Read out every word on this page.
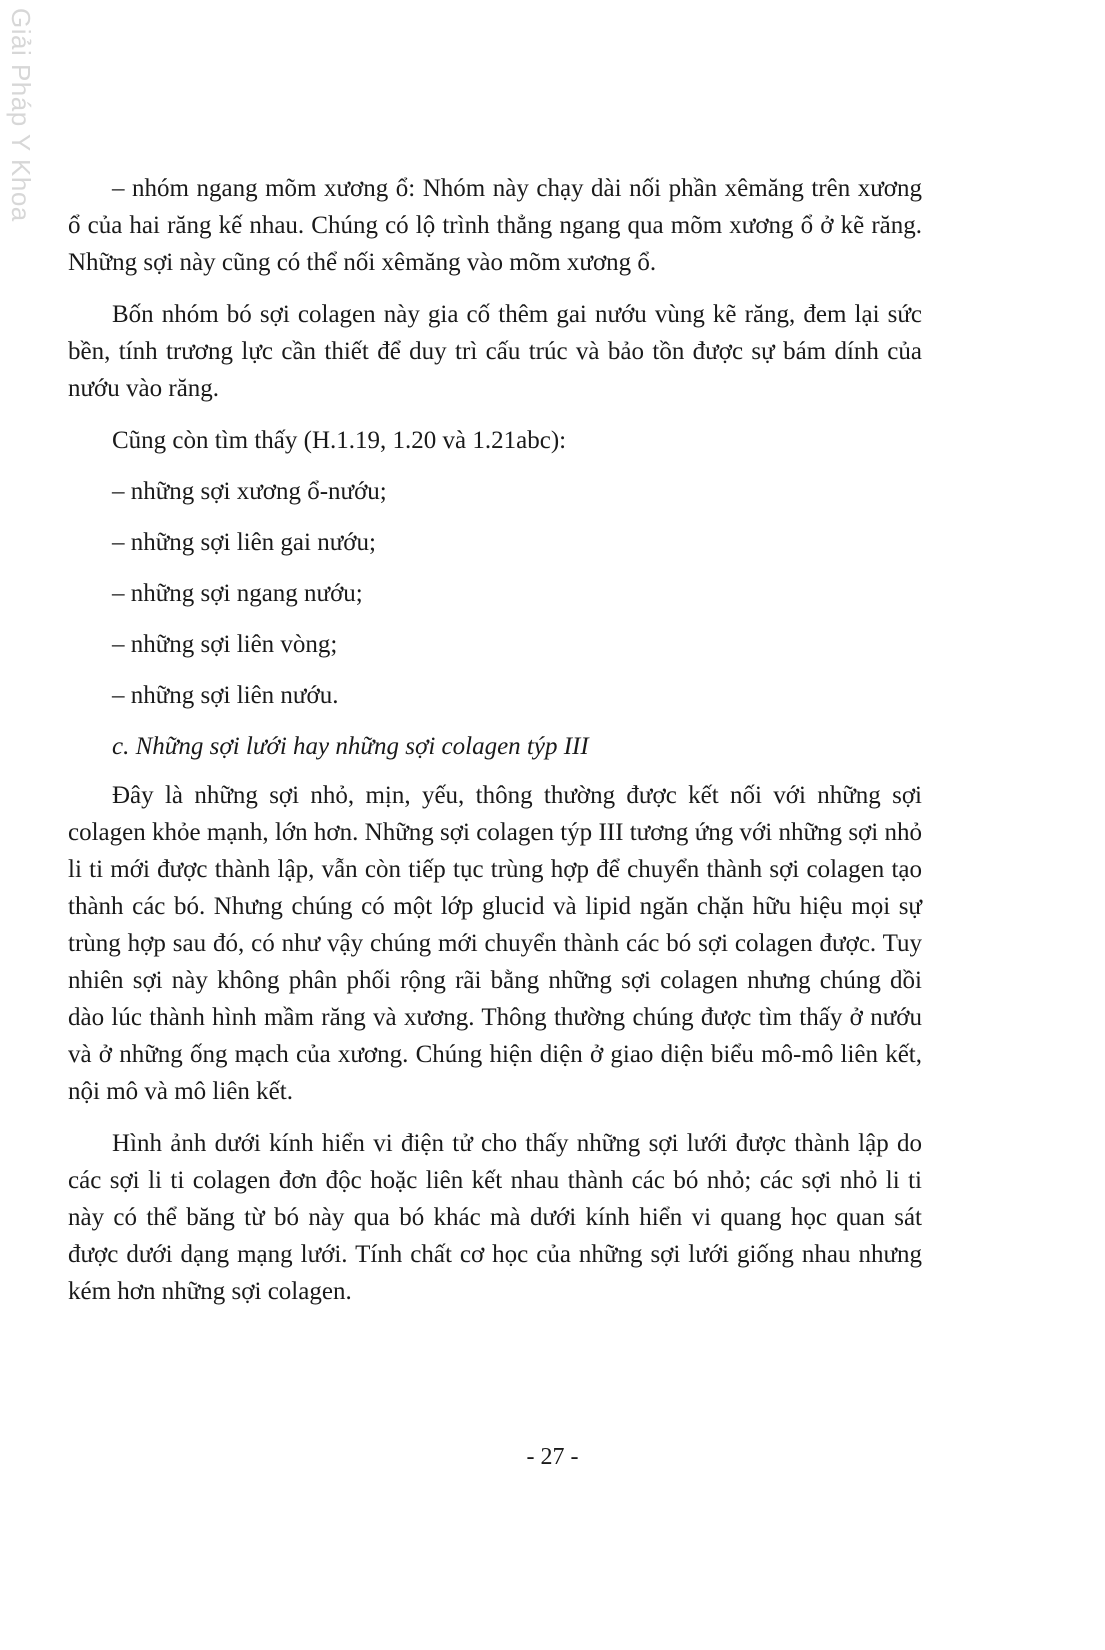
Giải Pháp Y Khoa	– nhóm ngang mõm xương ổ: Nhóm này chạy dài nối phần xêmăng trên xương ổ của hai răng kế nhau. Chúng có lộ trình thẳng ngang qua mõm xương ổ ở kẽ răng. Những sợi này cũng có thể nối xêmăng vào mõm xương ổ.

Bốn nhóm bó sợi colagen này gia cố thêm gai nướu vùng kẽ răng, đem lại sức bền, tính trương lực cần thiết để duy trì cấu trúc và bảo tồn được sự bám dính của nướu vào răng.

Cũng còn tìm thấy (H.1.19, 1.20 và 1.21abc):

– những sợi xương ổ-nướu;

– những sợi liên gai nướu;

– những sợi ngang nướu;

– những sợi liên vòng;

– những sợi liên nướu.

c. Những sợi lưới hay những sợi colagen týp III

Đây là những sợi nhỏ, mịn, yếu, thông thường được kết nối với những sợi colagen khỏe mạnh, lớn hơn. Những sợi colagen týp III tương ứng với những sợi nhỏ li ti mới được thành lập, vẫn còn tiếp tục trùng hợp để chuyển thành sợi colagen tạo thành các bó. Nhưng chúng có một lớp glucid và lipid ngăn chặn hữu hiệu mọi sự trùng hợp sau đó, có như vậy chúng mới chuyển thành các bó sợi colagen được. Tuy nhiên sợi này không phân phối rộng rãi bằng những sợi colagen nhưng chúng dồi dào lúc thành hình mầm răng và xương. Thông thường chúng được tìm thấy ở nướu và ở những ống mạch của xương. Chúng hiện diện ở giao diện biểu mô-mô liên kết, nội mô và mô liên kết.

Hình ảnh dưới kính hiển vi điện tử cho thấy những sợi lưới được thành lập do các sợi li ti colagen đơn độc hoặc liên kết nhau thành các bó nhỏ; các sợi nhỏ li ti này có thể băng từ bó này qua bó khác mà dưới kính hiển vi quang học quan sát được dưới dạng mạng lưới. Tính chất cơ học của những sợi lưới giống nhau nhưng kém hơn những sợi colagen.

- 27 -
